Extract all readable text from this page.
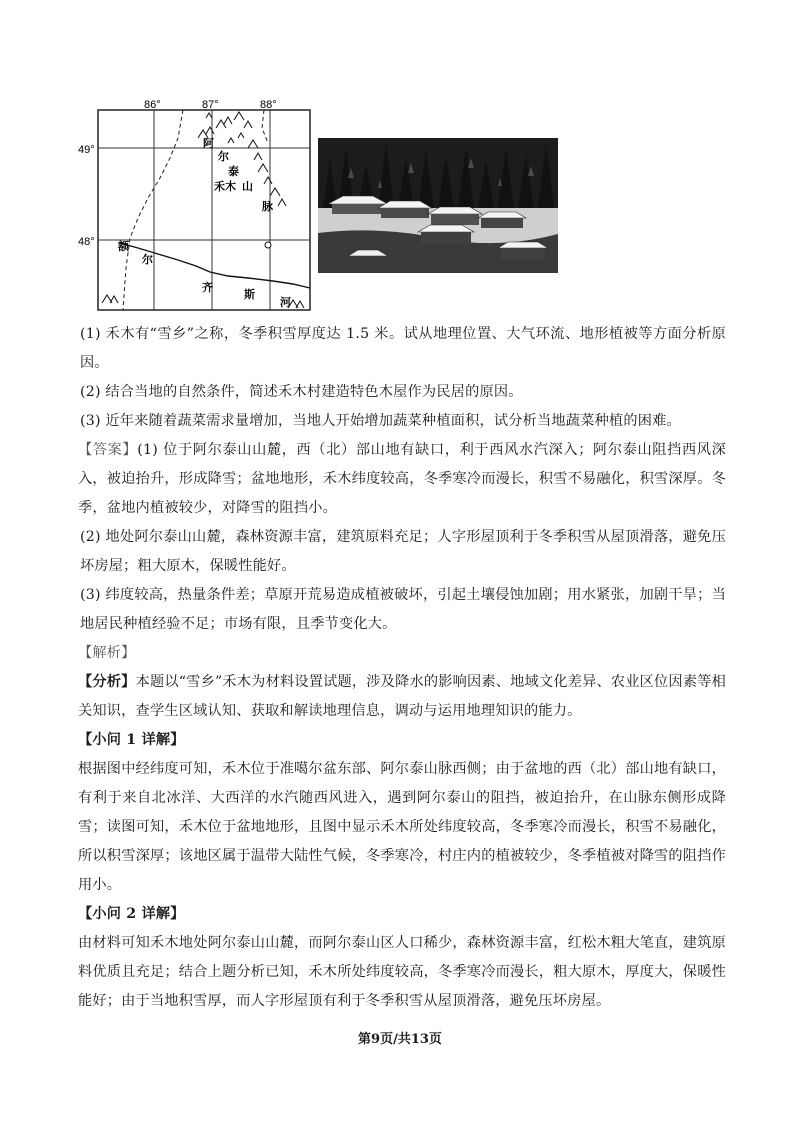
86°	87°	88°
49°
48°
阿
尔
泰
山
脉
禾木
额
尔
齐
斯
河

(1) 禾木有“雪乡”之称，冬季积雪厚度达 1.5 米。试从地理位置、大气环流、地形植被等方面分析原因。

(2) 结合当地的自然条件，简述禾木村建造特色木屋作为民居的原因。

(3) 近年来随着蔬菜需求量增加，当地人开始增加蔬菜种植面积，试分析当地蔬菜种植的困难。

【答案】(1) 位于阿尔泰山山麓，西（北）部山地有缺口，利于西风水汽深入；阿尔泰山阻挡西风深入，被迫抬升，形成降雪；盆地地形，禾木纬度较高，冬季寒冷而漫长，积雪不易融化，积雪深厚。冬季，盆地内植被较少，对降雪的阻挡小。

(2) 地处阿尔泰山山麓，森林资源丰富，建筑原料充足；人字形屋顶利于冬季积雪从屋顶滑落，避免压坏房屋；粗大原木，保暖性能好。

(3) 纬度较高，热量条件差；草原开荒易造成植被破坏，引起土壤侵蚀加剧；用水紧张，加剧干旱；当地居民种植经验不足；市场有限，且季节变化大。

【解析】

【分析】本题以“雪乡”禾木为材料设置试题，涉及降水的影响因素、地域文化差异、农业区位因素等相关知识，查学生区域认知、获取和解读地理信息，调动与运用地理知识的能力。

【小问 1 详解】

根据图中经纬度可知，禾木位于准噶尔盆东部、阿尔泰山脉西侧；由于盆地的西（北）部山地有缺口，有利于来自北冰洋、大西洋的水汽随西风进入，遇到阿尔泰山的阻挡，被迫抬升，在山脉东侧形成降雪；读图可知，禾木位于盆地地形，且图中显示禾木所处纬度较高，冬季寒冷而漫长，积雪不易融化，所以积雪深厚；该地区属于温带大陆性气候，冬季寒冷，村庄内的植被较少，冬季植被对降雪的阻挡作用小。

【小问 2 详解】

由材料可知禾木地处阿尔泰山山麓，而阿尔泰山区人口稀少，森林资源丰富，红松木粗大笔直，建筑原料优质且充足；结合上题分析已知，禾木所处纬度较高，冬季寒冷而漫长，粗大原木，厚度大，保暖性能好；由于当地积雪厚，而人字形屋顶有利于冬季积雪从屋顶滑落，避免压坏房屋。

第9页/共13页
